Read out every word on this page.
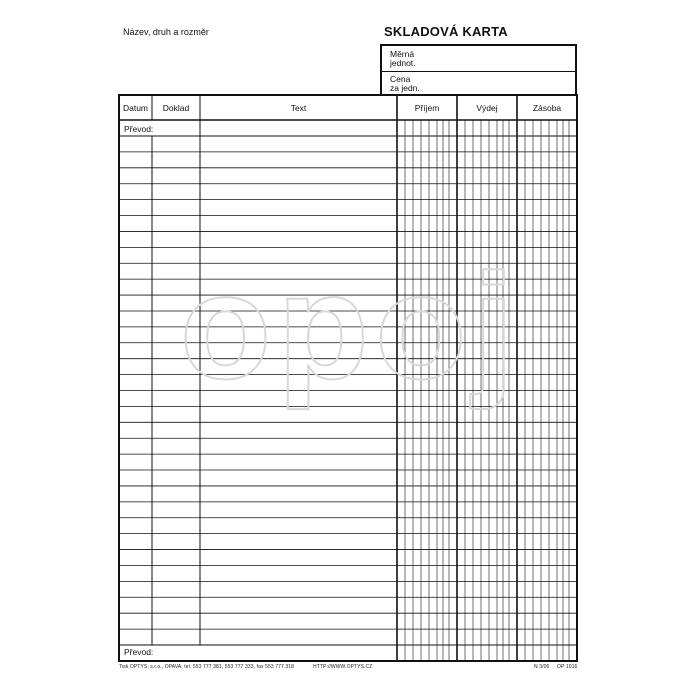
Název, druh a rozměr	SKLADOVÁ KARTA
Měrná
jednot.
Cena
za jedn.
Datum	Doklad	Text	Příjem	Výdej	Zásoba
Převod:
Převod:
opoj
Tisk OPTYS, s.r.o., OPAVA, tel. 553 777 381, 553 777 333, fax 553 777 318	HTTP://WWW.OPTYS.CZ	N 3/06 OP 1016
